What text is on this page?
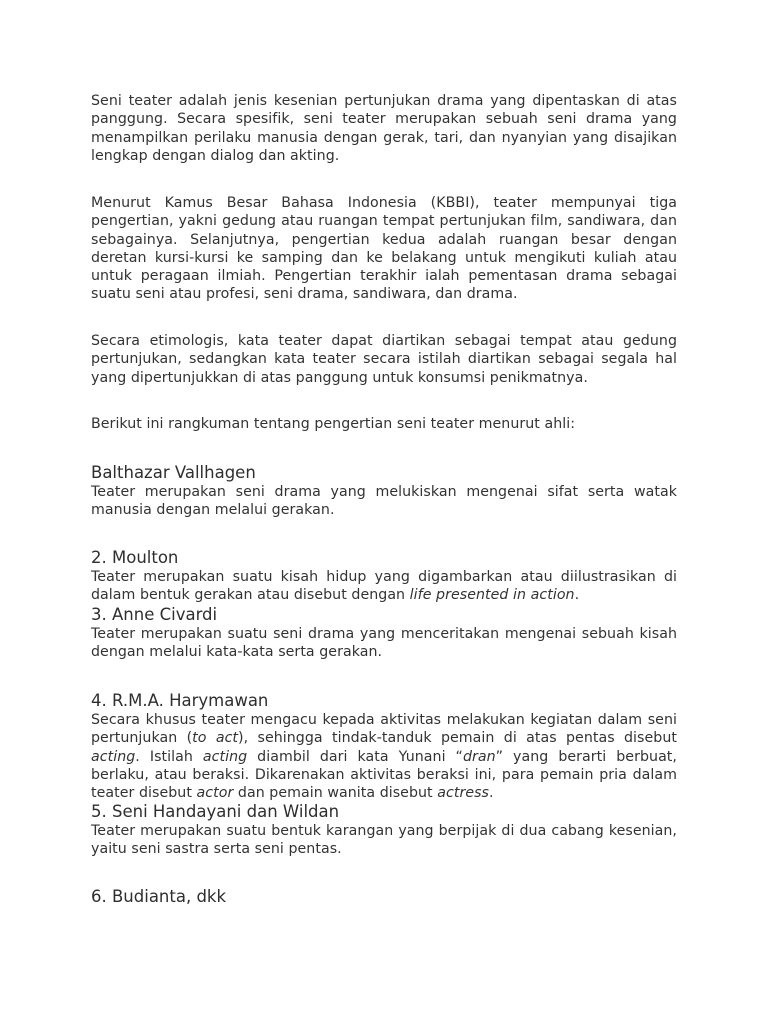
Seni teater adalah jenis kesenian pertunjukan drama yang dipentaskan di atas panggung. Secara spesifik, seni teater merupakan sebuah seni drama yang menampilkan perilaku manusia dengan gerak, tari, dan nyanyian yang disajikan lengkap dengan dialog dan akting.

Menurut Kamus Besar Bahasa Indonesia (KBBI), teater mempunyai tiga pengertian, yakni gedung atau ruangan tempat pertunjukan film, sandiwara, dan sebagainya. Selanjutnya, pengertian kedua adalah ruangan besar dengan deretan kursi-kursi ke samping dan ke belakang untuk mengikuti kuliah atau untuk peragaan ilmiah. Pengertian terakhir ialah pementasan drama sebagai suatu seni atau profesi, seni drama, sandiwara, dan drama.

Secara etimologis, kata teater dapat diartikan sebagai tempat atau gedung pertunjukan, sedangkan kata teater secara istilah diartikan sebagai segala hal yang dipertunjukkan di atas panggung untuk konsumsi penikmatnya.

Berikut ini rangkuman tentang pengertian seni teater menurut ahli:

Balthazar Vallhagen

Teater merupakan seni drama yang melukiskan mengenai sifat serta watak manusia dengan melalui gerakan.

2. Moulton

Teater merupakan suatu kisah hidup yang digambarkan atau diilustrasikan di dalam bentuk gerakan atau disebut dengan life presented in action.

3. Anne Civardi

Teater merupakan suatu seni drama yang menceritakan mengenai sebuah kisah dengan melalui kata-kata serta gerakan.

4. R.M.A. Harymawan

Secara khusus teater mengacu kepada aktivitas melakukan kegiatan dalam seni pertunjukan (to act), sehingga tindak-tanduk pemain di atas pentas disebut acting. Istilah acting diambil dari kata Yunani “dran” yang berarti berbuat, berlaku, atau beraksi. Dikarenakan aktivitas beraksi ini, para pemain pria dalam teater disebut actor dan pemain wanita disebut actress.

5. Seni Handayani dan Wildan

Teater merupakan suatu bentuk karangan yang berpijak di dua cabang kesenian, yaitu seni sastra serta seni pentas.

6. Budianta, dkk
